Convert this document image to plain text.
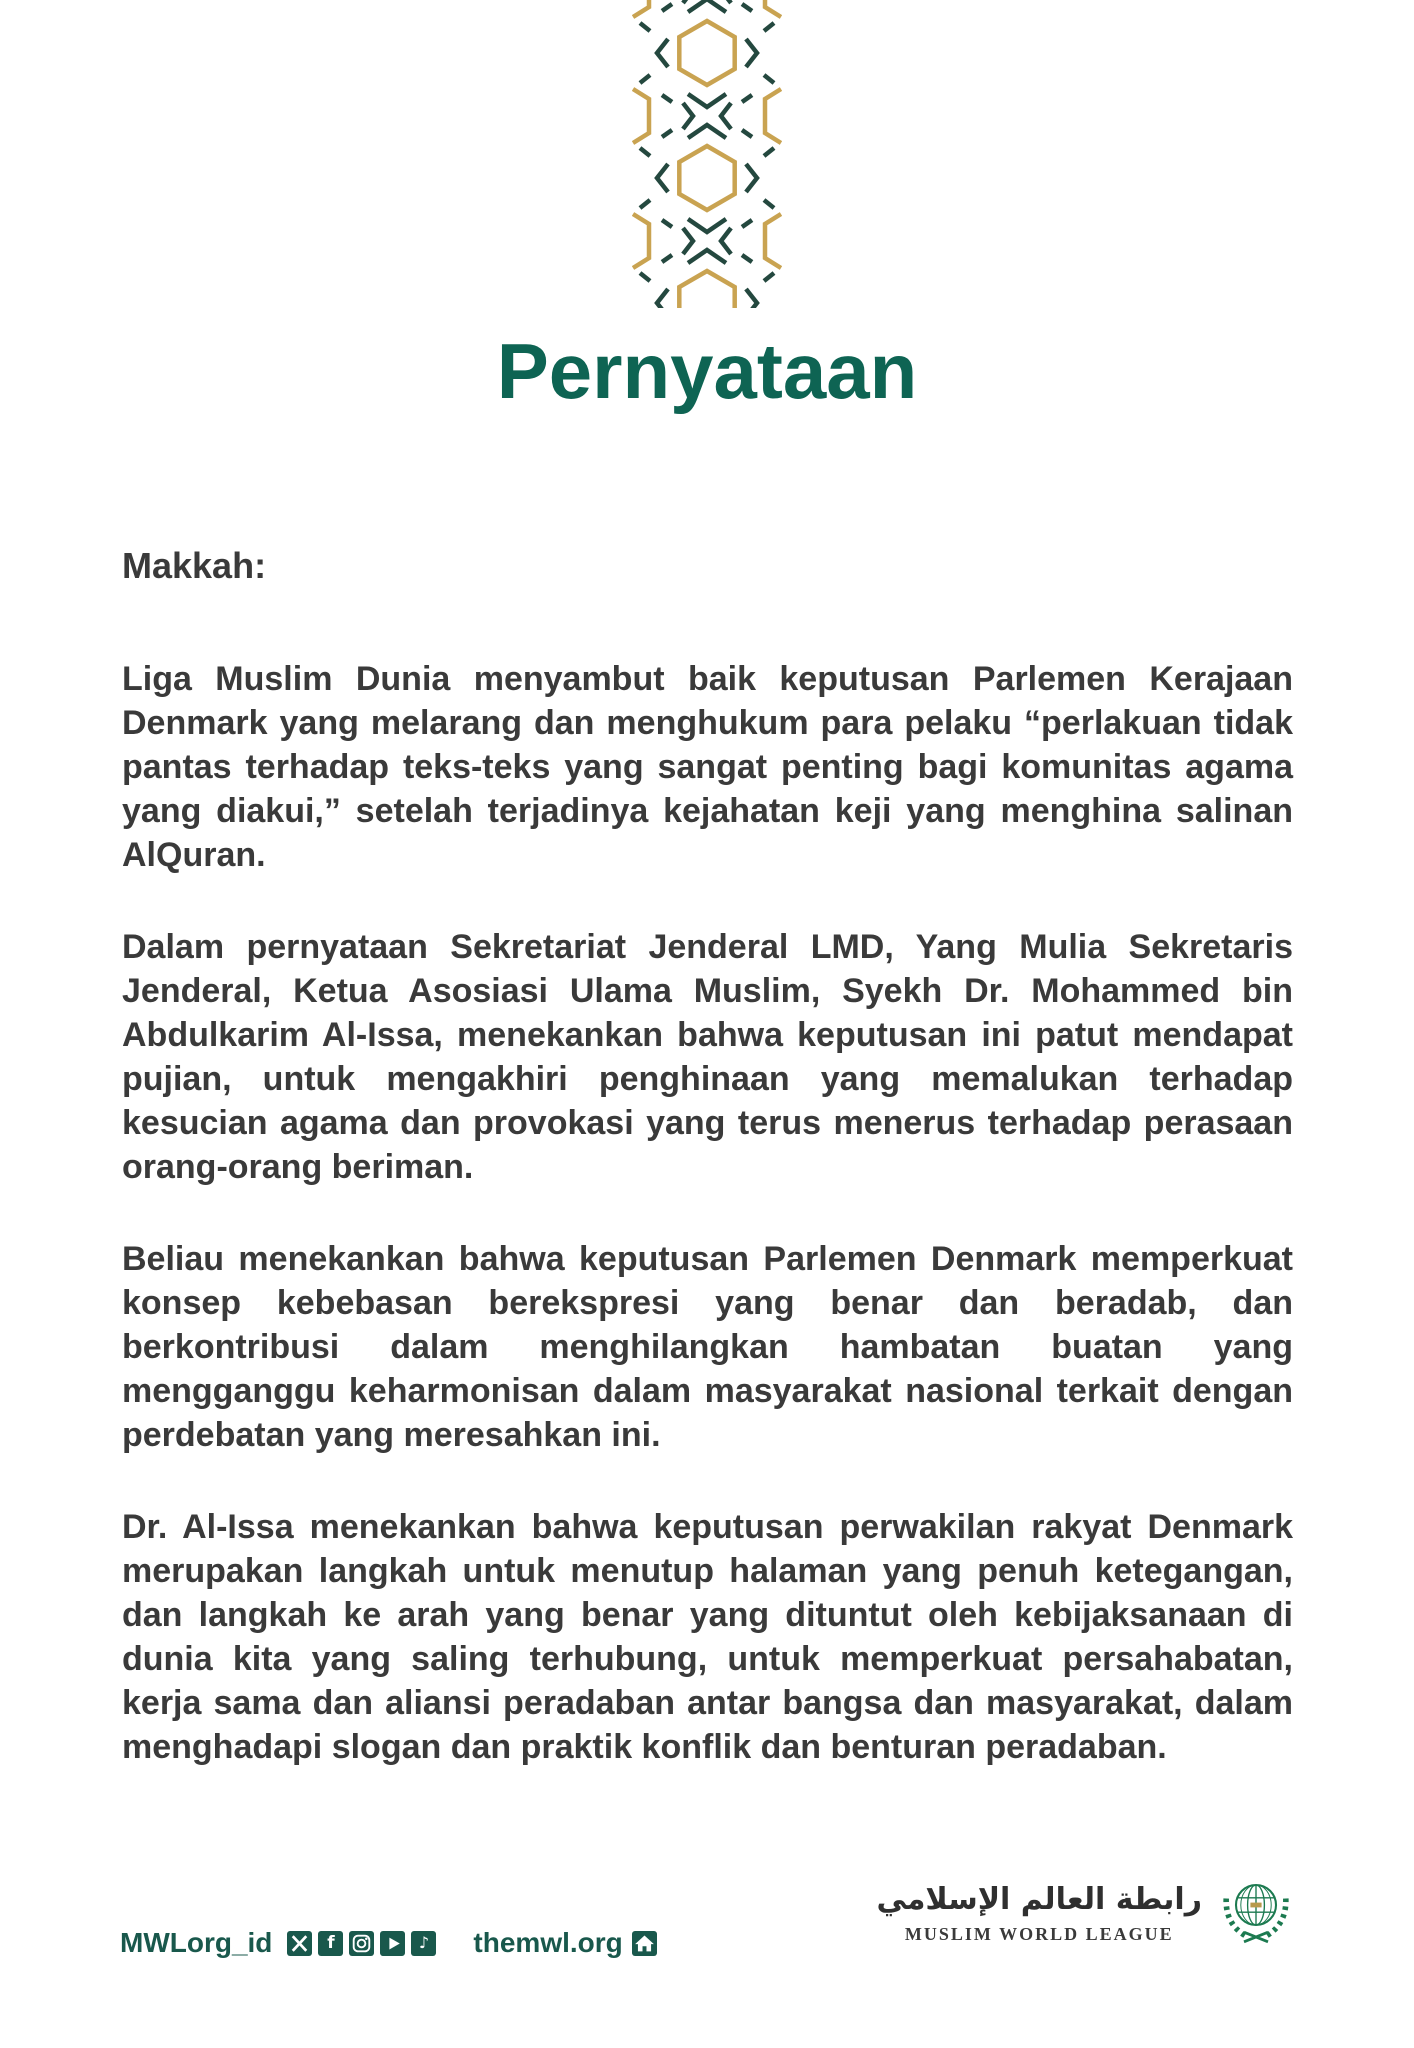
Pernyataan

Makkah:

Liga Muslim Dunia menyambut baik keputusan Parlemen Kerajaan Denmark yang melarang dan menghukum para pelaku “perlakuan tidak pantas terhadap teks-teks yang sangat penting bagi komunitas agama yang diakui,” setelah terjadinya kejahatan keji yang menghina salinan AlQuran.

Dalam pernyataan Sekretariat Jenderal LMD, Yang Mulia Sekretaris Jenderal, Ketua Asosiasi Ulama Muslim, Syekh Dr. Mohammed bin Abdulkarim Al-Issa, menekankan bahwa keputusan ini patut mendapat pujian, untuk mengakhiri penghinaan yang memalukan terhadap kesucian agama dan provokasi yang terus menerus terhadap perasaan orang-orang beriman.

Beliau menekankan bahwa keputusan Parlemen Denmark memperkuat konsep kebebasan berekspresi yang benar dan beradab, dan berkontribusi dalam menghilangkan hambatan buatan yang mengganggu keharmonisan dalam masyarakat nasional terkait dengan perdebatan yang meresahkan ini.

Dr. Al-Issa menekankan bahwa keputusan perwakilan rakyat Denmark merupakan langkah untuk menutup halaman yang penuh ketegangan, dan langkah ke arah yang benar yang dituntut oleh kebijaksanaan di dunia kita yang saling terhubung, untuk memperkuat persahabatan, kerja sama dan aliansi peradaban antar bangsa dan masyarakat, dalam menghadapi slogan dan praktik konflik dan benturan peradaban.

MWLorg_id	f	♪ themwl.org
رابطة العالم الإسلامي
MUSLIM WORLD LEAGUE
